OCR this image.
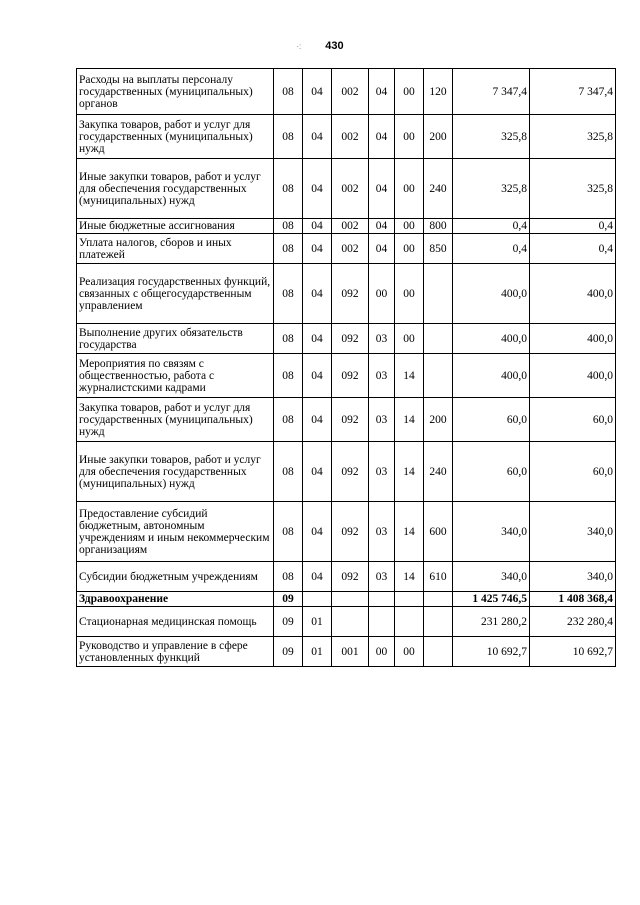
·: 430
Расходы на выплаты персоналу государственных (муниципальных) органов	08	04	002	04	00	120	7 347,4	7 347,4
Закупка товаров, работ и услуг для государственных (муниципальных) нужд	08	04	002	04	00	200	325,8	325,8
Иные закупки товаров, работ и услуг для обеспечения государственных (муниципальных) нужд	08	04	002	04	00	240	325,8	325,8
Иные бюджетные ассигнования	08	04	002	04	00	800	0,4	0,4
Уплата налогов, сборов и иных платежей	08	04	002	04	00	850	0,4	0,4
Реализация государственных функций, связанных с общегосударственным управлением	08	04	092	00	00		400,0	400,0
Выполнение других обязательств государства	08	04	092	03	00		400,0	400,0
Мероприятия по связям с общественностью, работа с журналистскими кадрами	08	04	092	03	14		400,0	400,0
Закупка товаров, работ и услуг для государственных (муниципальных) нужд	08	04	092	03	14	200	60,0	60,0
Иные закупки товаров, работ и услуг для обеспечения государственных (муниципальных) нужд	08	04	092	03	14	240	60,0	60,0
Предоставление субсидий бюджетным, автономным учреждениям и иным некоммерческим организациям	08	04	092	03	14	600	340,0	340,0
Субсидии бюджетным учреждениям	08	04	092	03	14	610	340,0	340,0
Здравоохранение	09						1 425 746,5	1 408 368,4
Стационарная медицинская помощь	09	01					231 280,2	232 280,4
Руководство и управление в сфере установленных функций	09	01	001	00	00		10 692,7	10 692,7
